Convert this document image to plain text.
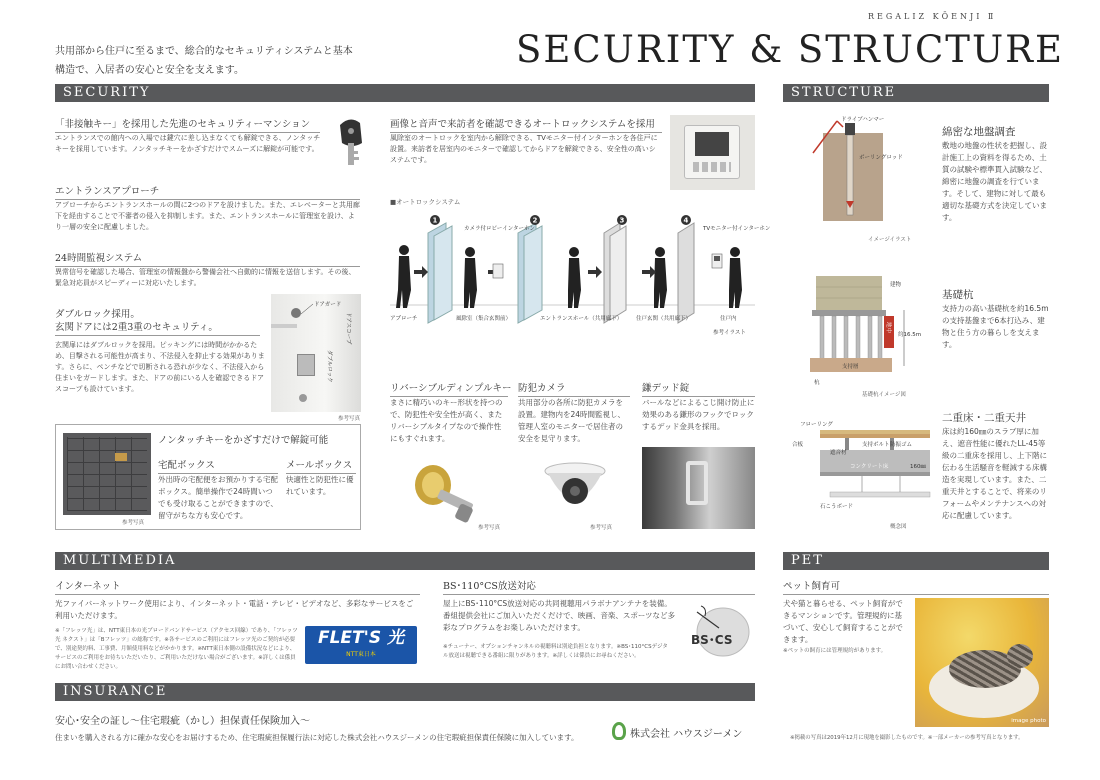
REGALIZ KŌENJI Ⅱ
SECURITY & STRUCTURE
共用部から住戸に至るまで、総合的なセキュリティシステムと基本構造で、入居者の安心と安全を支えます。
SECURITY
「非接触キー」を採用した先進のセキュリティーマンション
エントランスでの館内への入場では鍵穴に差し込まなくても解錠できる、ノンタッチキーを採用しています。ノンタッチキーをかざすだけでスムーズに解錠が可能です。
エントランスアプローチ
アプローチからエントランスホールの間に2つのドアを設けました。また、エレベーターと共用廊下を経由することで不審者の侵入を抑制します。また、エントランスホールに管理室を設け、より一層の安全に配慮しました。
24時間監視システム
異常信号を確認した場合、管理室の情報盤から警備会社へ自動的に情報を送信します。その後、緊急対応員がスピーディーに対応いたします。
ダブルロック採用。
玄関ドアには2重3重のセキュリティ。
玄関扉にはダブルロックを採用。ピッキングには時間がかかるため、目撃される可能性が高まり、不法侵入を抑止する効果があります。さらに、ペンチなどで切断される恐れが少なく、不法侵入から住まいをガードします。また、ドアの前にいる人を確認できるドアスコープも設けています。
ドアガード
ドアスコープ
ダブルロック
参考写真
参考写真
ノンタッチキーをかざすだけで解錠可能
宅配ボックス
外出時の宅配便をお預かりする宅配ボックス。簡単操作で24時間いつでも受け取ることができますので、留守がちな方も安心です。
メールボックス
快適性と防犯性に優れています。
画像と音声で来訪者を確認できるオートロックシステムを採用
風除室のオートロックを室内から解除できる、TVモニター付インターホンを各住戸に設置。来訪者を居室内のモニターで確認してからドアを解錠できる、安全性の高いシステムです。
■オートロックシステム
1	2	3	4
カメラ付ロビーインターホン	TVモニター付インターホン
アプローチ	風除室（集合玄関前）	エントランスホール（共用廊下）	住戸玄関（共用廊下）	住戸内
参考イラスト
リバーシブルディンプルキー
まさに精巧いのキー形状を持つので、防犯性や安全性が高く、またリバーシブルタイプなので操作性にもすぐれます。
参考写真
防犯カメラ
共用部分の各所に防犯カメラを設置。建物内を24時間監視し、管理人室のモニターで居住者の安全を見守ります。
参考写真
鎌デッド錠
バールなどによるこじ開け防止に効果のある鎌形のフックでロックするデッド金具を採用。
STRUCTURE
ドライブハンマー
ボーリングロッド
イメージイラスト
綿密な地盤調査
敷地の地盤の性状を把握し、設計施工上の資料を得るため、土質の試験や標準貫入試験など、綿密に地盤の調査を行ています。そして、建物に対して最も適切な基礎方式を決定しています。
建物
地中
約16.5m
支持層
杭
基礎杭イメージ図
基礎杭
支持力の高い基礎杭を約16.5mの支持基盤まで6本打込み、建物と住う方の暮らしを支えます。
フローリング
合板	支持ボルト 防振ゴム
遮音材
コンクリート床	160㎜
石こうボード
概念図
二重床・二重天井
床は約160㎜のスラブ厚に加え、遮音性能に優れたLL-45等級の二重床を採用し、上下階に伝わる生活騒音を軽減する床構造を実現しています。また、二重天井とすることで、将来のリフォームやメンテナンスへの対応に配慮しています。
MULTIMEDIA
インターネット
光ファイバーネットワーク使用により、インターネット・電話・テレビ・ビデオなど、多彩なサービスをご利用いただけます。
※「フレッツ光」は、NTT東日本の光ブロードバンドサービス（アクセス回線）であり、「フレッツ光 ネクスト」は「Bフレッツ」の総称です。※各サービスのご利用にはフレッツ光のご契約が必要で、別途契約料、工事費、月額使用料などがかかります。※NTT東日本側の設備状況などにより、サービスのご利用をお待ちいただいたり、ご利用いただけない場合がございます。※詳しくは係員にお問い合わせください。
FLET'S 光
NTT東日本
BS･110°CS放送対応
屋上にBS･110°CS放送対応の共同視聴用パラボナアンテナを装備。番組提供会社にご加入いただくだけで、映画、音楽、スポーツなど多彩なプログラムをお楽しみいただけます。
※チューナー、オプションチャンネルの視聴料は別途負担となります。※BS･110°CSデジタル放送は視聴できる番組に限りがあります。※詳しくは係員にお尋ねください。
BS･CS
INSURANCE
安心･安全の証し〜住宅瑕疵（かし）担保責任保険加入〜
住まいを購入される方に確かな安心をお届けするため、住宅瑕疵担保履行法に対応した株式会社ハウスジーメンの住宅瑕疵担保責任保険に加入しています。	株式会社 ハウスジーメン
PET
ペット飼育可
犬や猫と暮らせる、ペット飼育ができるマンションです。管理規約に基づいて、安心して飼育することができます。
※ペットの飼育には管理規約があります。
image photo
※掲載の写真は2019年12月に現地を撮影したものです。※一部メーカーの参考写真となります。
